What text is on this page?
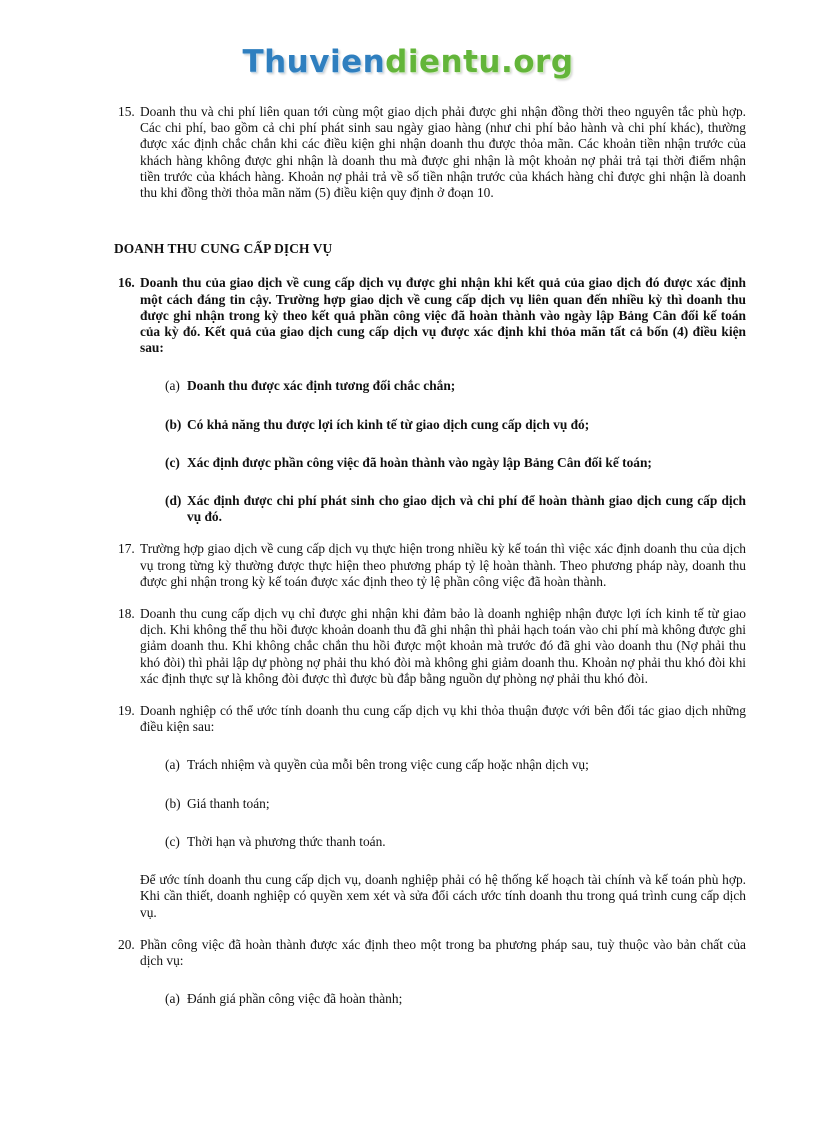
Thuviendientu.org

15. Doanh thu và chi phí liên quan tới cùng một giao dịch phải được ghi nhận đồng thời theo nguyên tắc phù hợp. Các chi phí, bao gồm cả chi phí phát sinh sau ngày giao hàng (như chi phí bảo hành và chi phí khác), thường được xác định chắc chắn khi các điều kiện ghi nhận doanh thu được thỏa mãn. Các khoản tiền nhận trước của khách hàng không được ghi nhận là doanh thu mà được ghi nhận là một khoản nợ phải trả tại thời điểm nhận tiền trước của khách hàng. Khoản nợ phải trả về số tiền nhận trước của khách hàng chỉ được ghi nhận là doanh thu khi đồng thời thỏa mãn năm (5) điều kiện quy định ở đoạn 10.

DOANH THU CUNG CẤP DỊCH VỤ

16. Doanh thu của giao dịch về cung cấp dịch vụ được ghi nhận khi kết quả của giao dịch đó được xác định một cách đáng tin cậy. Trường hợp giao dịch về cung cấp dịch vụ liên quan đến nhiều kỳ thì doanh thu được ghi nhận trong kỳ theo kết quả phần công việc đã hoàn thành vào ngày lập Bảng Cân đối kế toán của kỳ đó. Kết quả của giao dịch cung cấp dịch vụ được xác định khi thỏa mãn tất cả bốn (4) điều kiện sau:

(a) Doanh thu được xác định tương đối chắc chắn;

(b) Có khả năng thu được lợi ích kinh tế từ giao dịch cung cấp dịch vụ đó;

(c) Xác định được phần công việc đã hoàn thành vào ngày lập Bảng Cân đối kế toán;

(d) Xác định được chi phí phát sinh cho giao dịch và chi phí để hoàn thành giao dịch cung cấp dịch vụ đó.

17. Trường hợp giao dịch về cung cấp dịch vụ thực hiện trong nhiều kỳ kế toán thì việc xác định doanh thu của dịch vụ trong từng kỳ thường được thực hiện theo phương pháp tỷ lệ hoàn thành. Theo phương pháp này, doanh thu được ghi nhận trong kỳ kế toán được xác định theo tỷ lệ phần công việc đã hoàn thành.

18. Doanh thu cung cấp dịch vụ chỉ được ghi nhận khi đảm bảo là doanh nghiệp nhận được lợi ích kinh tế từ giao dịch. Khi không thể thu hồi được khoản doanh thu đã ghi nhận thì phải hạch toán vào chi phí mà không được ghi giảm doanh thu. Khi không chắc chắn thu hồi được một khoản mà trước đó đã ghi vào doanh thu (Nợ phải thu khó đòi) thì phải lập dự phòng nợ phải thu khó đòi mà không ghi giảm doanh thu. Khoản nợ phải thu khó đòi khi xác định thực sự là không đòi được thì được bù đắp bằng nguồn dự phòng nợ phải thu khó đòi.

19. Doanh nghiệp có thể ước tính doanh thu cung cấp dịch vụ khi thỏa thuận được với bên đối tác giao dịch những điều kiện sau:

(a) Trách nhiệm và quyền của mỗi bên trong việc cung cấp hoặc nhận dịch vụ;

(b) Giá thanh toán;

(c) Thời hạn và phương thức thanh toán.

Để ước tính doanh thu cung cấp dịch vụ, doanh nghiệp phải có hệ thống kế hoạch tài chính và kế toán phù hợp. Khi cần thiết, doanh nghiệp có quyền xem xét và sửa đổi cách ước tính doanh thu trong quá trình cung cấp dịch vụ.

20. Phần công việc đã hoàn thành được xác định theo một trong ba phương pháp sau, tuỳ thuộc vào bản chất của dịch vụ:

(a) Đánh giá phần công việc đã hoàn thành;
